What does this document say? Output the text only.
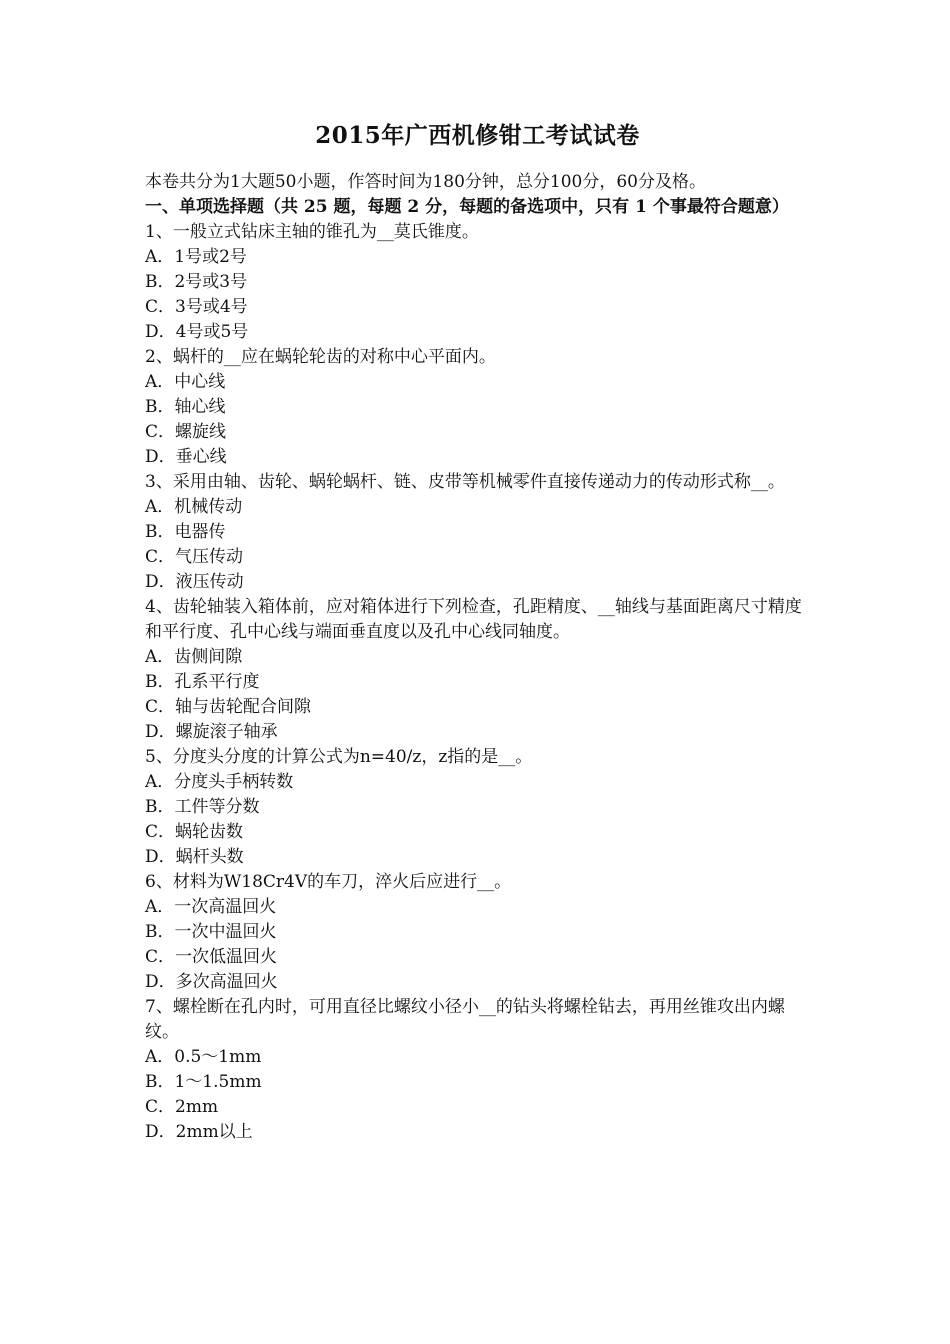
2015年广西机修钳工考试试卷
本卷共分为1大题50小题，作答时间为180分钟，总分100分，60分及格。
一、单项选择题（共 25 题，每题 2 分，每题的备选项中，只有 1 个事最符合题意）
1、一般立式钻床主轴的锥孔为__莫氏锥度。
A．1号或2号
B．2号或3号
C．3号或4号
D．4号或5号
2、蜗杆的__应在蜗轮轮齿的对称中心平面内。
A．中心线
B．轴心线
C．螺旋线
D．垂心线
3、采用由轴、齿轮、蜗轮蜗杆、链、皮带等机械零件直接传递动力的传动形式称__。
A．机械传动
B．电器传
C．气压传动
D．液压传动
4、齿轮轴装入箱体前，应对箱体进行下列检查，孔距精度、__轴线与基面距离尺寸精度和平行度、孔中心线与端面垂直度以及孔中心线同轴度。
A．齿侧间隙
B．孔系平行度
C．轴与齿轮配合间隙
D．螺旋滚子轴承
5、分度头分度的计算公式为n=40/z，z指的是__。
A．分度头手柄转数
B．工件等分数
C．蜗轮齿数
D．蜗杆头数
6、材料为W18Cr4V的车刀，淬火后应进行__。
A．一次高温回火
B．一次中温回火
C．一次低温回火
D．多次高温回火
7、螺栓断在孔内时，可用直径比螺纹小径小__的钻头将螺栓钻去，再用丝锥攻出内螺纹。
A．0.5～1mm
B．1～1.5mm
C．2mm
D．2mm以上
